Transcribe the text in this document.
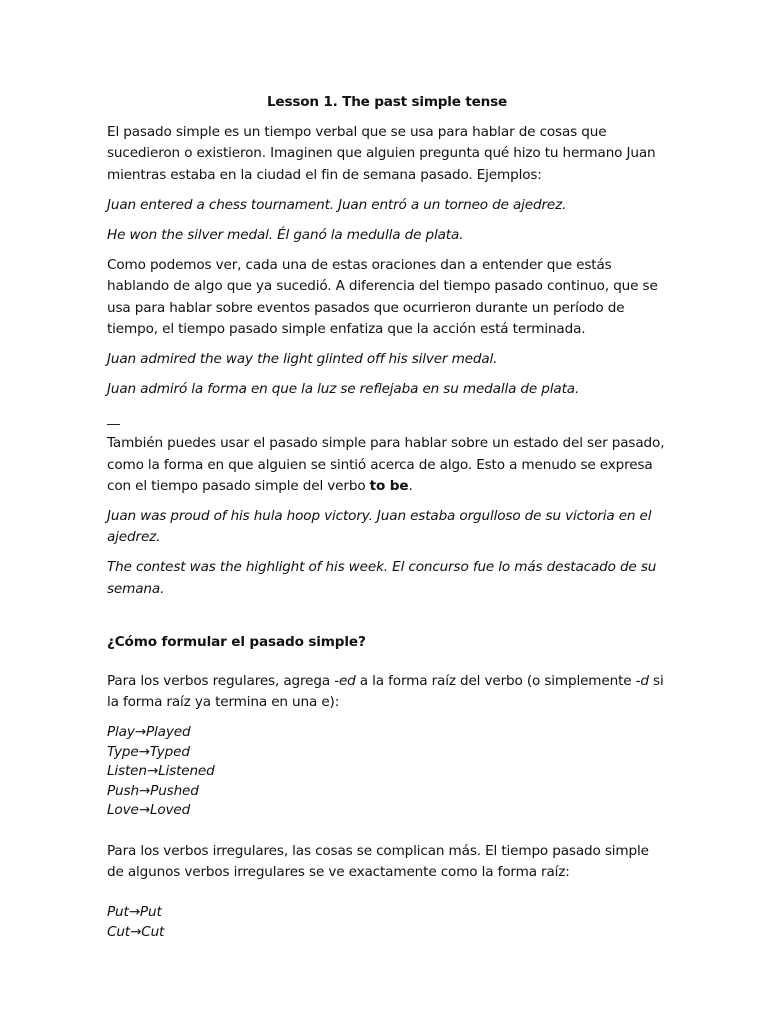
Lesson 1. The past simple tense

El pasado simple es un tiempo verbal que se usa para hablar de cosas que sucedieron o existieron. Imaginen que alguien pregunta qué hizo tu hermano Juan mientras estaba en la ciudad el fin de semana pasado. Ejemplos:

Juan entered a chess tournament. Juan entró a un torneo de ajedrez.

He won the silver medal. Él ganó la medulla de plata.

Como podemos ver, cada una de estas oraciones dan a entender que estás hablando de algo que ya sucedió. A diferencia del tiempo pasado continuo, que se usa para hablar sobre eventos pasados que ocurrieron durante un período de tiempo, el tiempo pasado simple enfatiza que la acción está terminada.

Juan admired the way the light glinted off his silver medal.

Juan admiró la forma en que la luz se reflejaba en su medalla de plata.

__

También puedes usar el pasado simple para hablar sobre un estado del ser pasado, como la forma en que alguien se sintió acerca de algo. Esto a menudo se expresa con el tiempo pasado simple del verbo to be.

Juan was proud of his hula hoop victory. Juan estaba orgulloso de su victoria en el ajedrez.

The contest was the highlight of his week. El concurso fue lo más destacado de su semana.

¿Cómo formular el pasado simple?

Para los verbos regulares, agrega -ed a la forma raíz del verbo (o simplemente -d si la forma raíz ya termina en una e):

Play→Played
Type→Typed
Listen→Listened
Push→Pushed
Love→Loved

Para los verbos irregulares, las cosas se complican más. El tiempo pasado simple de algunos verbos irregulares se ve exactamente como la forma raíz:

Put→Put
Cut→Cut
